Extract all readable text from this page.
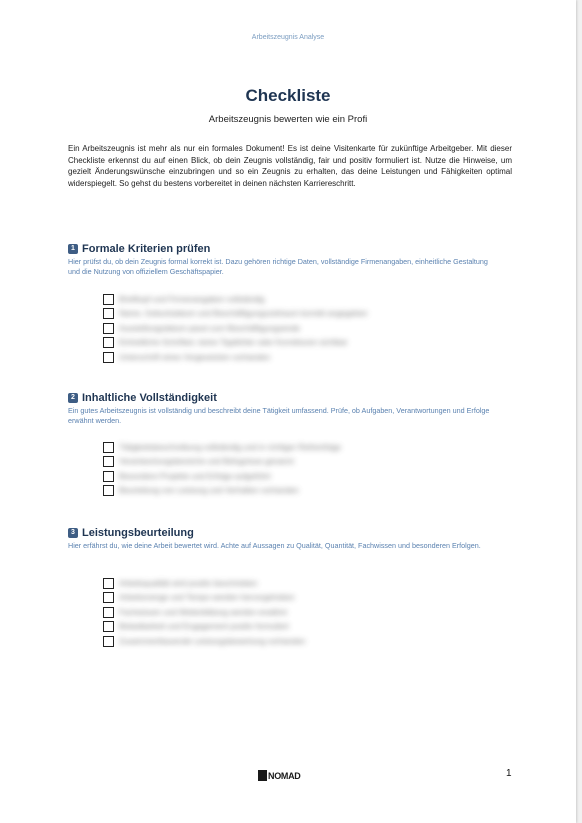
Arbeitszeugnis Analyse
Checkliste
Arbeitszeugnis bewerten wie ein Profi
Ein Arbeitszeugnis ist mehr als nur ein formales Dokument! Es ist deine Visitenkarte für zukünftige Arbeitgeber. Mit dieser Checkliste erkennst du auf einen Blick, ob dein Zeugnis vollständig, fair und positiv formuliert ist. Nutze die Hinweise, um gezielt Änderungswünsche einzubringen und so ein Zeugnis zu erhalten, das deine Leistungen und Fähigkeiten optimal widerspiegelt. So gehst du bestens vorbereitet in deinen nächsten Karriereschritt.
1 Formale Kriterien prüfen
Hier prüfst du, ob dein Zeugnis formal korrekt ist. Dazu gehören richtige Daten, vollständige Firmenangaben, einheitliche Gestaltung und die Nutzung von offiziellem Geschäftspapier.
Briefkopf und Firmenangaben vollständig
Name, Geburtsdatum und Beschäftigungszeitraum korrekt angegeben
Ausstellungsdatum passt zum Beschäftigungsende
Einheitliche Schriftart, keine Tippfehler oder Korrekturen sichtbar
Unterschrift eines Vorgesetzten vorhanden
2 Inhaltliche Vollständigkeit
Ein gutes Arbeitszeugnis ist vollständig und beschreibt deine Tätigkeit umfassend. Prüfe, ob Aufgaben, Verantwortungen und Erfolge erwähnt werden.
Tätigkeitsbeschreibung vollständig und in richtiger Reihenfolge
Verantwortungsbereiche und Befugnisse genannt
Besondere Projekte und Erfolge aufgeführt
Beurteilung von Leistung und Verhalten vorhanden
3 Leistungsbeurteilung
Hier erfährst du, wie deine Arbeit bewertet wird. Achte auf Aussagen zu Qualität, Quantität, Fachwissen und besonderen Erfolgen.
Arbeitsqualität wird positiv beschrieben
Arbeitsmenge und Tempo werden hervorgehoben
Fachwissen und Weiterbildung werden erwähnt
Belastbarkeit und Engagement positiv formuliert
Zusammenfassende Leistungsbewertung vorhanden
NOMAD	1
